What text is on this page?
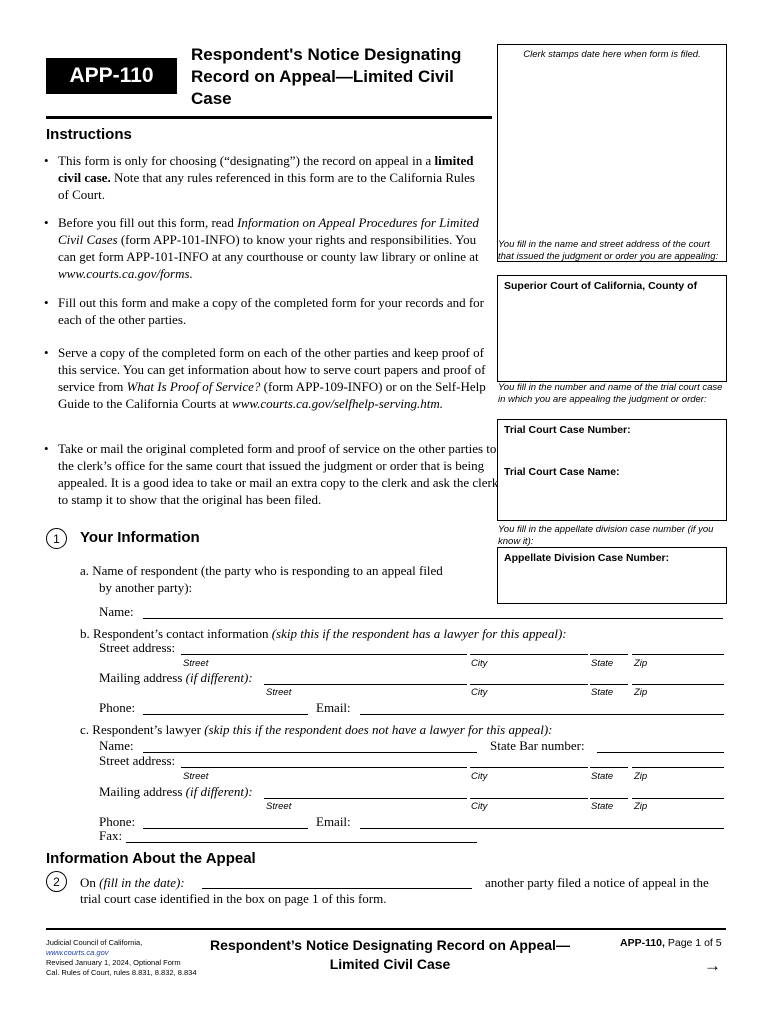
APP-110
Respondent's Notice Designating
Record on Appeal—Limited Civil
Case
Clerk stamps date here when form is filed.
You fill in the name and street address of the court that issued the judgment or order you are appealing:
Superior Court of California, County of
You fill in the number and name of the trial court case in which you are appealing the judgment or order:
Trial Court Case Number:
Trial Court Case Name:
You fill in the appellate division case number (if you know it):
Appellate Division Case Number:
Instructions
• This form is only for choosing (“designating”) the record on appeal in a limited civil case. Note that any rules referenced in this form are to the California Rules of Court.
• Before you fill out this form, read Information on Appeal Procedures for Limited Civil Cases (form APP-101-INFO) to know your rights and responsibilities. You can get form APP-101-INFO at any courthouse or county law library or online at www.courts.ca.gov/forms.
• Fill out this form and make a copy of the completed form for your records and for each of the other parties.
• Serve a copy of the completed form on each of the other parties and keep proof of this service. You can get information about how to serve court papers and proof of service from What Is Proof of Service? (form APP-109-INFO) or on the Self-Help Guide to the California Courts at www.courts.ca.gov/selfhelp-serving.htm.
• Take or mail the original completed form and proof of service on the other parties to the clerk’s office for the same court that issued the judgment or order that is being appealed. It is a good idea to take or mail an extra copy to the clerk and ask the clerk to stamp it to show that the original has been filed.
1	Your Information
a. Name of respondent (the party who is responding to an appeal filed
by another party):
Name:
b. Respondent’s contact information (skip this if the respondent has a lawyer for this appeal):
Street address:
Street	City	State Zip
Mailing address (if different):
Street	City	State Zip
Phone:	Email:
c. Respondent’s lawyer (skip this if the respondent does not have a lawyer for this appeal):
Name:	State Bar number:
Street address:
Street	City	State Zip
Mailing address (if different):
Street	City	State Zip
Phone:	Email:
Fax:
Information About the Appeal
2	On (fill in the date):	another party filed a notice of appeal in the
trial court case identified in the box on page 1 of this form.
Judicial Council of California,
www.courts.ca.gov
Revised January 1, 2024, Optional Form
Cal. Rules of Court, rules 8.831, 8.832, 8.834
Respondent’s Notice Designating Record on Appeal—
Limited Civil Case
APP-110, Page 1 of 5
→
